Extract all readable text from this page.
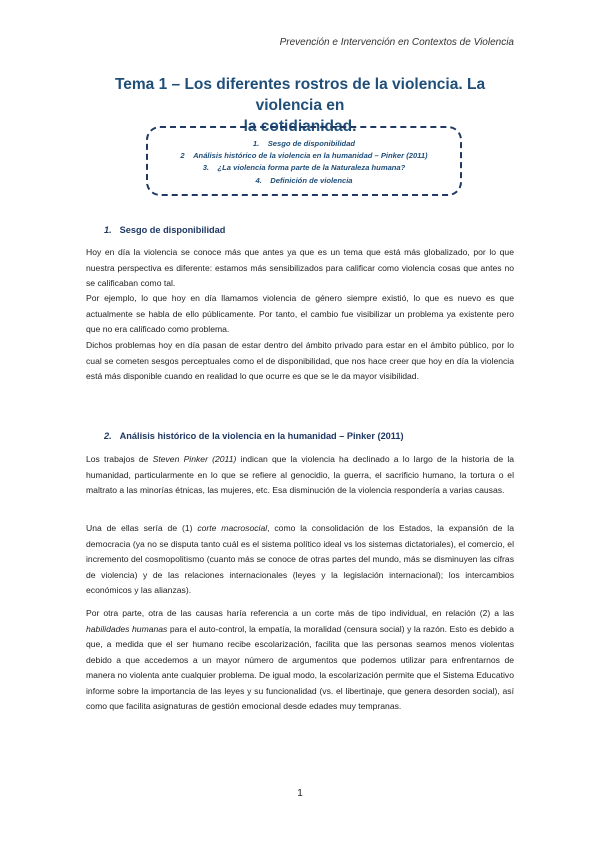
Prevención e Intervención en Contextos de Violencia
Tema 1 – Los diferentes rostros de la violencia. La violencia en
la cotidianidad.
1. Sesgo de disponibilidad
2 Análisis histórico de la violencia en la humanidad – Pinker (2011)
3. ¿La violencia forma parte de la Naturaleza humana?
4. Definición de violencia
1. Sesgo de disponibilidad
Hoy en día la violencia se conoce más que antes ya que es un tema que está más globalizado, por lo que nuestra perspectiva es diferente: estamos más sensibilizados para calificar como violencia cosas que antes no se calificaban como tal.
Por ejemplo, lo que hoy en día llamamos violencia de género siempre existió, lo que es nuevo es que actualmente se habla de ello públicamente. Por tanto, el cambio fue visibilizar un problema ya existente pero que no era calificado como problema.
Dichos problemas hoy en día pasan de estar dentro del ámbito privado para estar en el ámbito público, por lo cual se cometen sesgos perceptuales como el de disponibilidad, que nos hace creer que hoy en día la violencia está más disponible cuando en realidad lo que ocurre es que se le da mayor visibilidad.
2. Análisis histórico de la violencia en la humanidad – Pinker (2011)
Los trabajos de Steven Pinker (2011) indican que la violencia ha declinado a lo largo de la historia de la humanidad, particularmente en lo que se refiere al genocidio, la guerra, el sacrificio humano, la tortura o el maltrato a las minorías étnicas, las mujeres, etc. Esa disminución de la violencia respondería a varias causas.
Una de ellas sería de (1) corte macrosocial, como la consolidación de los Estados, la expansión de la democracia (ya no se disputa tanto cuál es el sistema político ideal vs los sistemas dictatoriales), el comercio, el incremento del cosmopolitismo (cuanto más se conoce de otras partes del mundo, más se disminuyen las cifras de violencia) y de las relaciones internacionales (leyes y la legislación internacional); los intercambios económicos y las alianzas).
Por otra parte, otra de las causas haría referencia a un corte más de tipo individual, en relación (2) a las habilidades humanas para el auto-control, la empatía, la moralidad (censura social) y la razón. Esto es debido a que, a medida que el ser humano recibe escolarización, facilita que las personas seamos menos violentas debido a que accedemos a un mayor número de argumentos que podemos utilizar para enfrentarnos de manera no violenta ante cualquier problema. De igual modo, la escolarización permite que el Sistema Educativo informe sobre la importancia de las leyes y su funcionalidad (vs. el libertinaje, que genera desorden social), así como que facilita asignaturas de gestión emocional desde edades muy tempranas.
1
